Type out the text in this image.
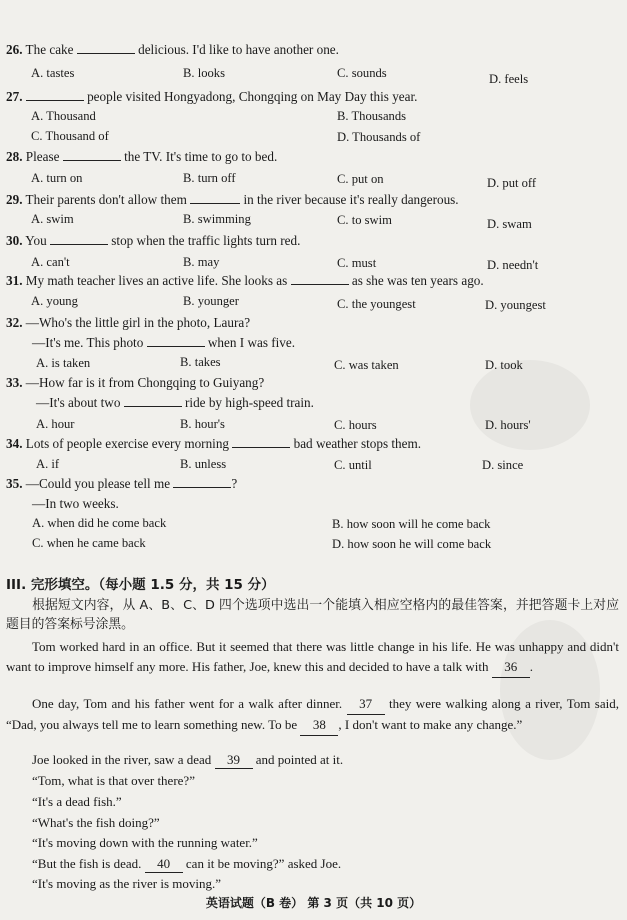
26. The cake	delicious. I'd like to have another one.
A. tastes	B. looks	C. sounds	D. feels
27.	people visited Hongyadong, Chongqing on May Day this year.
A. Thousand	B. Thousands
C. Thousand of	D. Thousands of
28. Please	the TV. It's time to go to bed.
A. turn on	B. turn off	C. put on	D. put off
29. Their parents don't allow them	in the river because it's really dangerous.
A. swim	B. swimming	C. to swim	D. swam
30. You	stop when the traffic lights turn red.
A. can't	B. may	C. must	D. needn't
31. My math teacher lives an active life. She looks as	as she was ten years ago.
A. young	B. younger	C. the youngest	D. youngest
32. —Who's the little girl in the photo, Laura?
—It's me. This photo	when I was five.
A. is taken	B. takes	C. was taken	D. took
33. —How far is it from Chongqing to Guiyang?
—It's about two	ride by high-speed train.
A. hour	B. hour's	C. hours	D. hours'
34. Lots of people exercise every morning	bad weather stops them.
A. if	B. unless	C. until	D. since
35. —Could you please tell me	?
—In two weeks.
A. when did he come back	B. how soon will he come back
C. when he came back	D. how soon he will come back
III. 完形填空。（每小题 1.5 分，共 15 分）
根据短文内容，从 A、B、C、D 四个选项中选出一个能填入相应空格内的最佳答案，并把答题卡上对应题目的答案标号涂黑。
Tom worked hard in an office. But it seemed that there was little change in his life. He was unhappy and didn't want to improve himself any more. His father, Joe, knew this and decided to have a talk with 36 .
One day, Tom and his father went for a walk after dinner. 37 they were walking along a river, Tom said, “Dad, you always tell me to learn something new. To be 38 , I don't want to make any change.”
Joe looked in the river, saw a dead 39 and pointed at it.
“Tom, what is that over there?”
“It's a dead fish.”
“What's the fish doing?”
“It's moving down with the running water.”
“But the fish is dead. 40 can it be moving?” asked Joe.
“It's moving as the river is moving.”
英语试题（B 卷） 第 3 页（共 10 页）
